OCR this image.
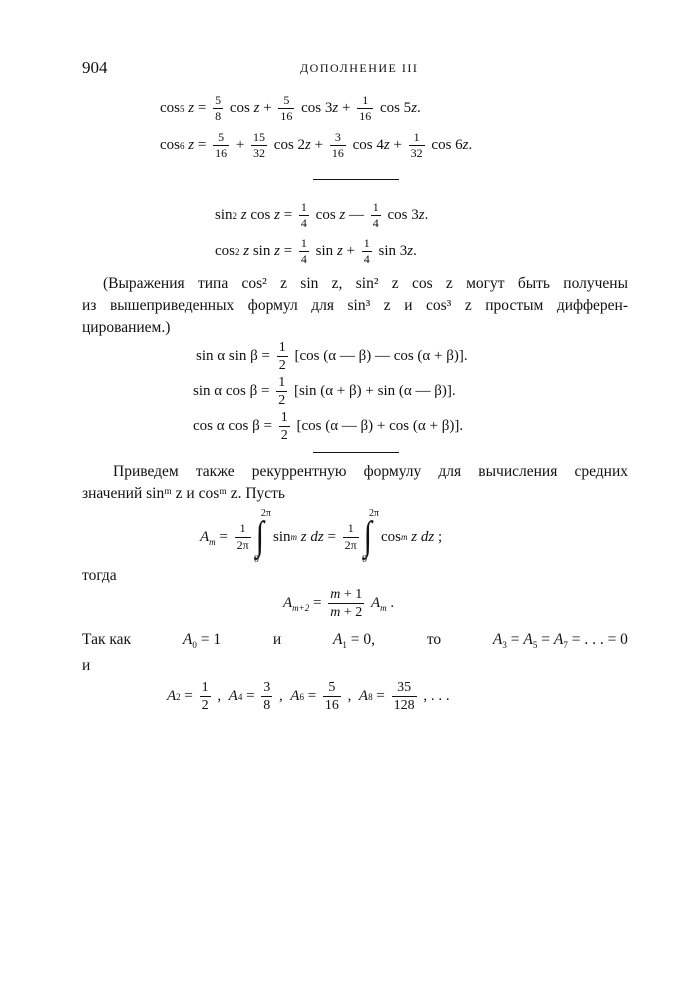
904	ДОПОЛНЕНИЕ III
cos 5
z =
5
8 cos z +
5
16 cos 3 z +
1
16 cos 5 z .
cos 6
z =
5
16 +
15
32 cos 2 z +
3
16 cos 4 z +
1
32 cos 6 z .
sin 2
z cos z =
1
4 cos z —
1
4 cos 3 z .
cos 2
z sin z =
1
4 sin z +
1
4 sin 3 z .
(Выражения типа cos² z sin z, sin² z cos z могут быть получены
из вышеприведенных формул для sin³ z и cos³ z простым дифферен-
цированием.)
sin α sin β =
1
2
[cos (α — β) — cos (α + β)].
sin α cos β =
1
2
[sin (α + β) + sin (α — β)].
cos α cos β =
1
2
[cos (α — β) + cos (α + β)].
Приведем также рекуррентную формулу для вычисления средних
значений sinᵐ z и cosᵐ z. Пусть
$A_m$ =
1
2π ∫
2π
0
sin m
z
dz =
1
2π ∫
2π
0
cos m
z
dz ;
тогда
$A_{m+2}$ =
m + 1
m + 2

$A_m$ .
Так как	$A_0 = 1$	и	$A_1 = 0$,	то	$A_3 = A_5 = A_7$ = . . . = 0
и
A 2 =
1
2
, A 4 =
3
8
, A 6 =
5
16
, A 8 =
35
128
, . . .
